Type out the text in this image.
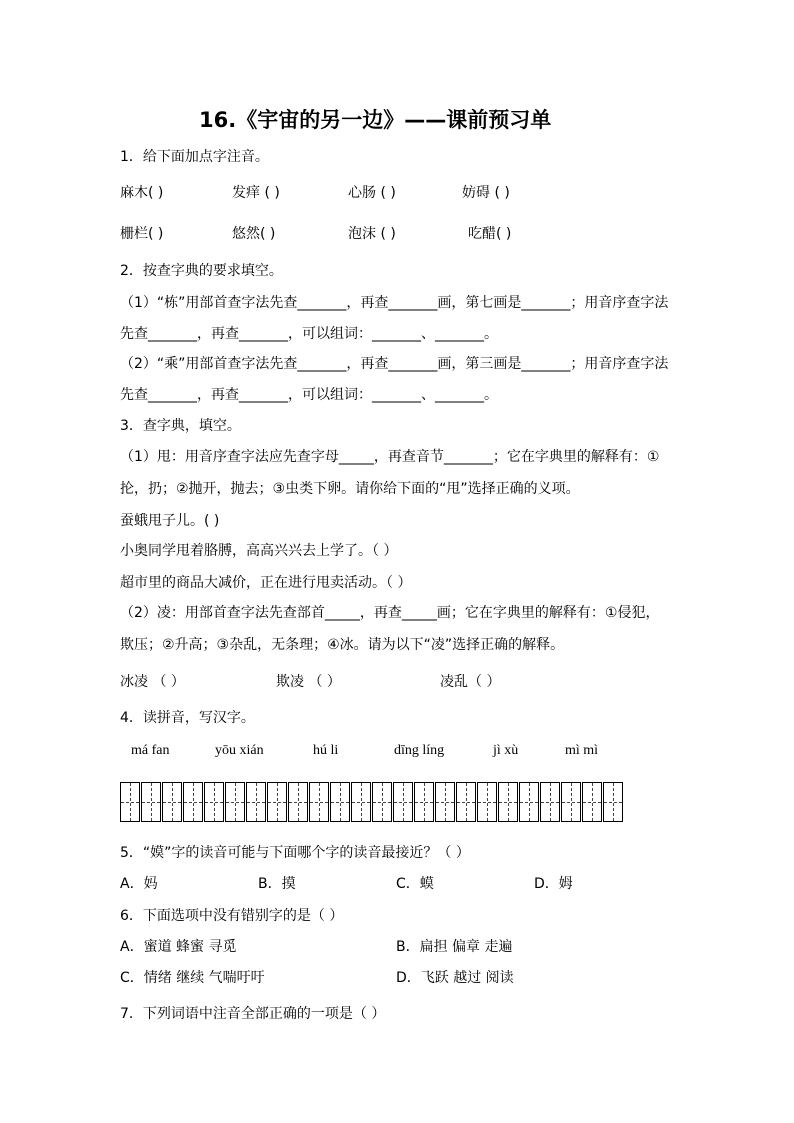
16.《宇宙的另一边》——课前预习单
1．给下面加点字注音。
麻木( )	发痒 ( )	心肠 ( )	妨碍 ( )
栅栏( )	悠然( )	泡沫 ( )	吃醋( )
2．按查字典的要求填空。
（1）“栋”用部首查字法先查_______，再查_______画，第七画是_______；用音序查字法
先查_______，再查_______，可以组词：_______、_______。
（2）“乘”用部首查字法先查_______，再查_______画，第三画是_______；用音序查字法
先查_______，再查_______，可以组词：_______、_______。
3．查字典，填空。
（1）甩：用音序查字法应先查字母_____，再查音节_______；它在字典里的解释有：①
抡，扔；②抛开，抛去；③虫类下卵。请你给下面的“甩”选择正确的义项。
蚕蛾甩子儿。( )
小奥同学甩着胳膊，高高兴兴去上学了。（ ）
超市里的商品大减价，正在进行甩卖活动。（ ）
（2）凌：用部首查字法先查部首_____，再查_____画；它在字典里的解释有：①侵犯，
欺压；②升高；③杂乱，无条理；④冰。请为以下“凌”选择正确的解释。
冰凌 （ ）	欺凌 （ ）	凌乱（ ）
4．读拼音，写汉字。
má fan	yōu xián	hú li	dīng líng	jì xù	mì mì
5．“嫫”字的读音可能与下面哪个字的读音最接近？（ ）
A．妈	B．摸	C．蟆	D．姆
6．下面选项中没有错别字的是（ ）
A．蜜道 蜂蜜 寻觅	B．扁担 偏章 走遍
C．情绪 继续 气喘吁吁	D．飞跃 越过 阅读
7．下列词语中注音全部正确的一项是（ ）
